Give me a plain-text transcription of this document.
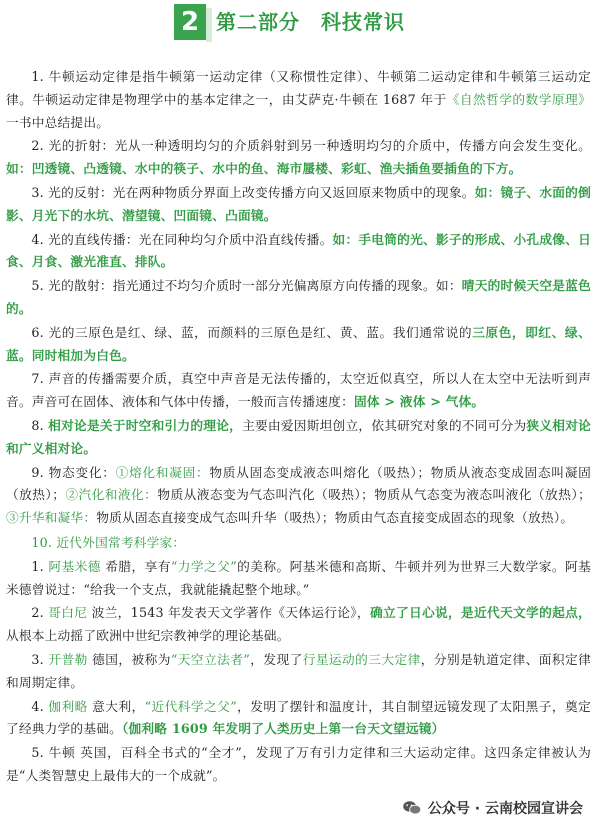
2 第二部分　科技常识

1. 牛顿运动定律是指牛顿第一运动定律（又称惯性定律）、牛顿第二运动定律和牛顿第三运动定律。牛顿运动定律是物理学中的基本定律之一，由艾萨克·牛顿在 1687 年于《自然哲学的数学原理》一书中总结提出。

2. 光的折射：光从一种透明均匀的介质斜射到另一种透明均匀的介质中，传播方向会发生变化。如：凹透镜、凸透镜、水中的筷子、水中的鱼、海市蜃楼、彩虹、渔夫插鱼要插鱼的下方。

3. 光的反射：光在两种物质分界面上改变传播方向又返回原来物质中的现象。如：镜子、水面的倒影、月光下的水坑、潜望镜、凹面镜、凸面镜。

4. 光的直线传播：光在同种均匀介质中沿直线传播。如：手电筒的光、影子的形成、小孔成像、日食、月食、激光准直、排队。

5. 光的散射：指光通过不均匀介质时一部分光偏离原方向传播的现象。如：晴天的时候天空是蓝色的。

6. 光的三原色是红、绿、蓝，而颜料的三原色是红、黄、蓝。我们通常说的三原色，即红、绿、蓝。同时相加为白色。

7. 声音的传播需要介质，真空中声音是无法传播的，太空近似真空，所以人在太空中无法听到声音。声音可在固体、液体和气体中传播，一般而言传播速度：固体 > 液体 > 气体。

8. 相对论是关于时空和引力的理论，主要由爱因斯坦创立，依其研究对象的不同可分为狭义相对论和广义相对论。

9. 物态变化：①熔化和凝固：物质从固态变成液态叫熔化（吸热）；物质从液态变成固态叫凝固（放热）；②汽化和液化：物质从液态变为气态叫汽化（吸热）；物质从气态变为液态叫液化（放热）；③升华和凝华：物质从固态直接变成气态叫升华（吸热）；物质由气态直接变成固态的现象（放热）。

10. 近代外国常考科学家：

1. 阿基米德 希腊，享有“力学之父”的美称。阿基米德和高斯、牛顿并列为世界三大数学家。阿基米德曾说过：“给我一个支点，我就能撬起整个地球。”

2. 哥白尼 波兰，1543 年发表天文学著作《天体运行论》，确立了日心说，是近代天文学的起点，从根本上动摇了欧洲中世纪宗教神学的理论基础。

3. 开普勒 德国，被称为“天空立法者”，发现了行星运动的三大定律，分别是轨道定律、面积定律和周期定律。

4. 伽利略 意大利，“近代科学之父”，发明了摆针和温度计，其自制望远镜发现了太阳黑子，奠定了经典力学的基础。（伽利略 1609 年发明了人类历史上第一台天文望远镜）

5. 牛顿 英国，百科全书式的“全才”，发现了万有引力定律和三大运动定律。这四条定律被认为是“人类智慧史上最伟大的一个成就”。

公众号 · 云南校园宣讲会
